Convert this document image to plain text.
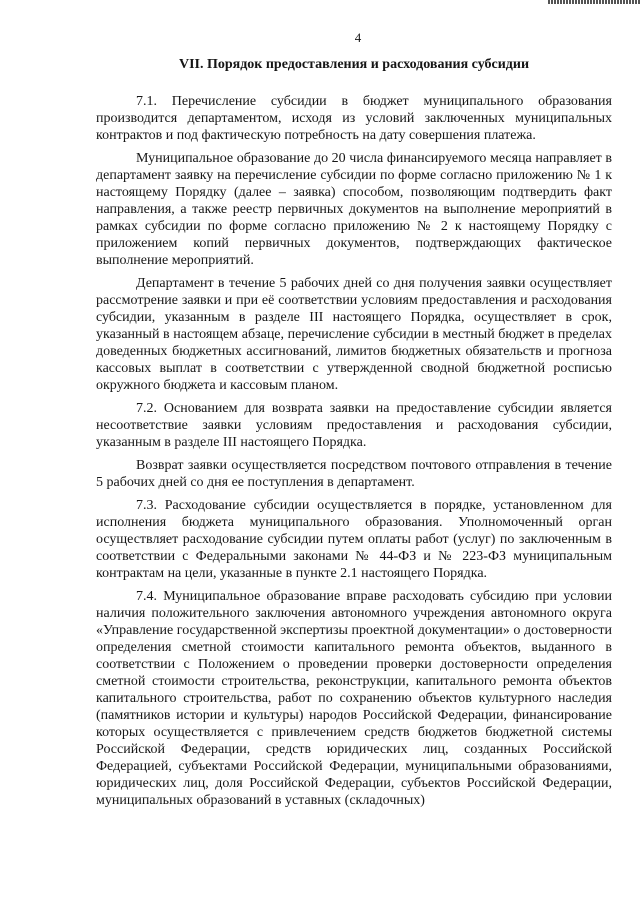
4
VII. Порядок предоставления и расходования субсидии

7.1. Перечисление субсидии в бюджет муниципального образования производится департаментом, исходя из условий заключенных муниципальных контрактов и под фактическую потребность на дату совершения платежа.

Муниципальное образование до 20 числа финансируемого месяца направляет в департамент заявку на перечисление субсидии по форме согласно приложению № 1 к настоящему Порядку (далее – заявка) способом, позволяющим подтвердить факт направления, а также реестр первичных документов на выполнение мероприятий в рамках субсидии по форме согласно приложению № 2 к настоящему Порядку с приложением копий первичных документов, подтверждающих фактическое выполнение мероприятий.

Департамент в течение 5 рабочих дней со дня получения заявки осуществляет рассмотрение заявки и при её соответствии условиям предоставления и расходования субсидии, указанным в разделе III настоящего Порядка, осуществляет в срок, указанный в настоящем абзаце, перечисление субсидии в местный бюджет в пределах доведенных бюджетных ассигнований, лимитов бюджетных обязательств и прогноза кассовых выплат в соответствии с утвержденной сводной бюджетной росписью окружного бюджета и кассовым планом.

7.2. Основанием для возврата заявки на предоставление субсидии является несоответствие заявки условиям предоставления и расходования субсидии, указанным в разделе III настоящего Порядка.

Возврат заявки осуществляется посредством почтового отправления в течение 5 рабочих дней со дня ее поступления в департамент.

7.3. Расходование субсидии осуществляется в порядке, установленном для исполнения бюджета муниципального образования. Уполномоченный орган осуществляет расходование субсидии путем оплаты работ (услуг) по заключенным в соответствии с Федеральными законами № 44-ФЗ и № 223-ФЗ муниципальным контрактам на цели, указанные в пункте 2.1 настоящего Порядка.

7.4. Муниципальное образование вправе расходовать субсидию при условии наличия положительного заключения автономного учреждения автономного округа «Управление государственной экспертизы проектной документации» о достоверности определения сметной стоимости капитального ремонта объектов, выданного в соответствии с Положением о проведении проверки достоверности определения сметной стоимости строительства, реконструкции, капитального ремонта объектов капитального строительства, работ по сохранению объектов культурного наследия (памятников истории и культуры) народов Российской Федерации, финансирование которых осуществляется с привлечением средств бюджетов бюджетной системы Российской Федерации, средств юридических лиц, созданных Российской Федерацией, субъектами Российской Федерации, муниципальными образованиями, юридических лиц, доля Российской Федерации, субъектов Российской Федерации, муниципальных образований в уставных (складочных)
